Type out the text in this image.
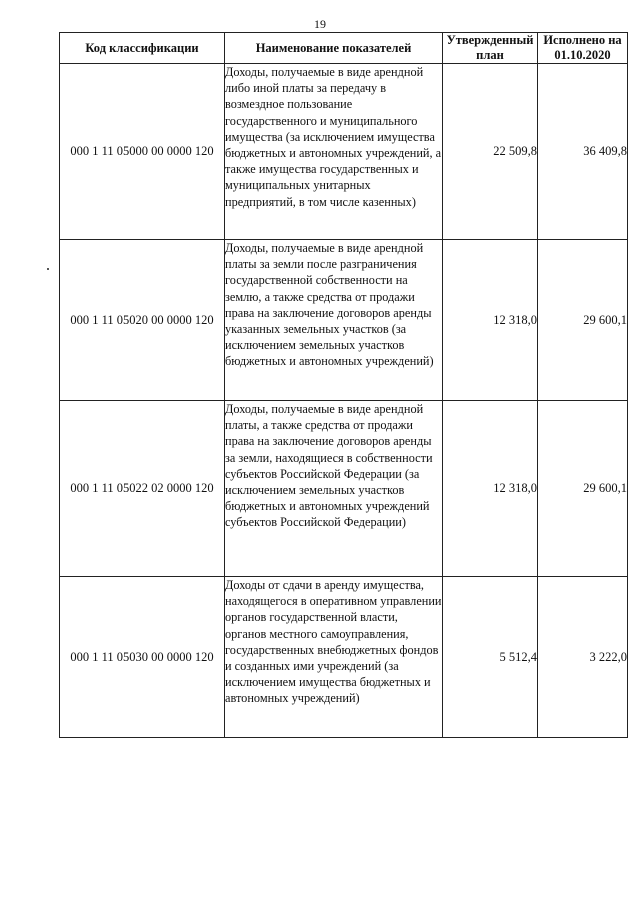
19
Код классификации	Наименование показателей	Утвержденный план	Исполнено на 01.10.2020
000 1 11 05000 00 0000 120	Доходы, получаемые в виде арендной либо иной платы за передачу в возмездное пользование государственного и муниципального имущества (за исключением имущества бюджетных и автономных учреждений, а также имущества государственных и муниципальных унитарных предприятий, в том числе казенных)	22 509,8	36 409,8
000 1 11 05020 00 0000 120	Доходы, получаемые в виде арендной платы за земли после разграничения государственной собственности на землю, а также средства от продажи права на заключение договоров аренды указанных земельных участков (за исключением земельных участков бюджетных и автономных учреждений)	12 318,0	29 600,1
000 1 11 05022 02 0000 120	Доходы, получаемые в виде арендной платы, а также средства от продажи права на заключение договоров аренды за земли, находящиеся в собственности субъектов Российской Федерации (за исключением земельных участков бюджетных и автономных учреждений субъектов Российской Федерации)	12 318,0	29 600,1
000 1 11 05030 00 0000 120	Доходы от сдачи в аренду имущества, находящегося в оперативном управлении органов государственной власти, органов местного самоуправления, государственных внебюджетных фондов и созданных ими учреждений (за исключением имущества бюджетных и автономных учреждений)	5 512,4	3 222,0
